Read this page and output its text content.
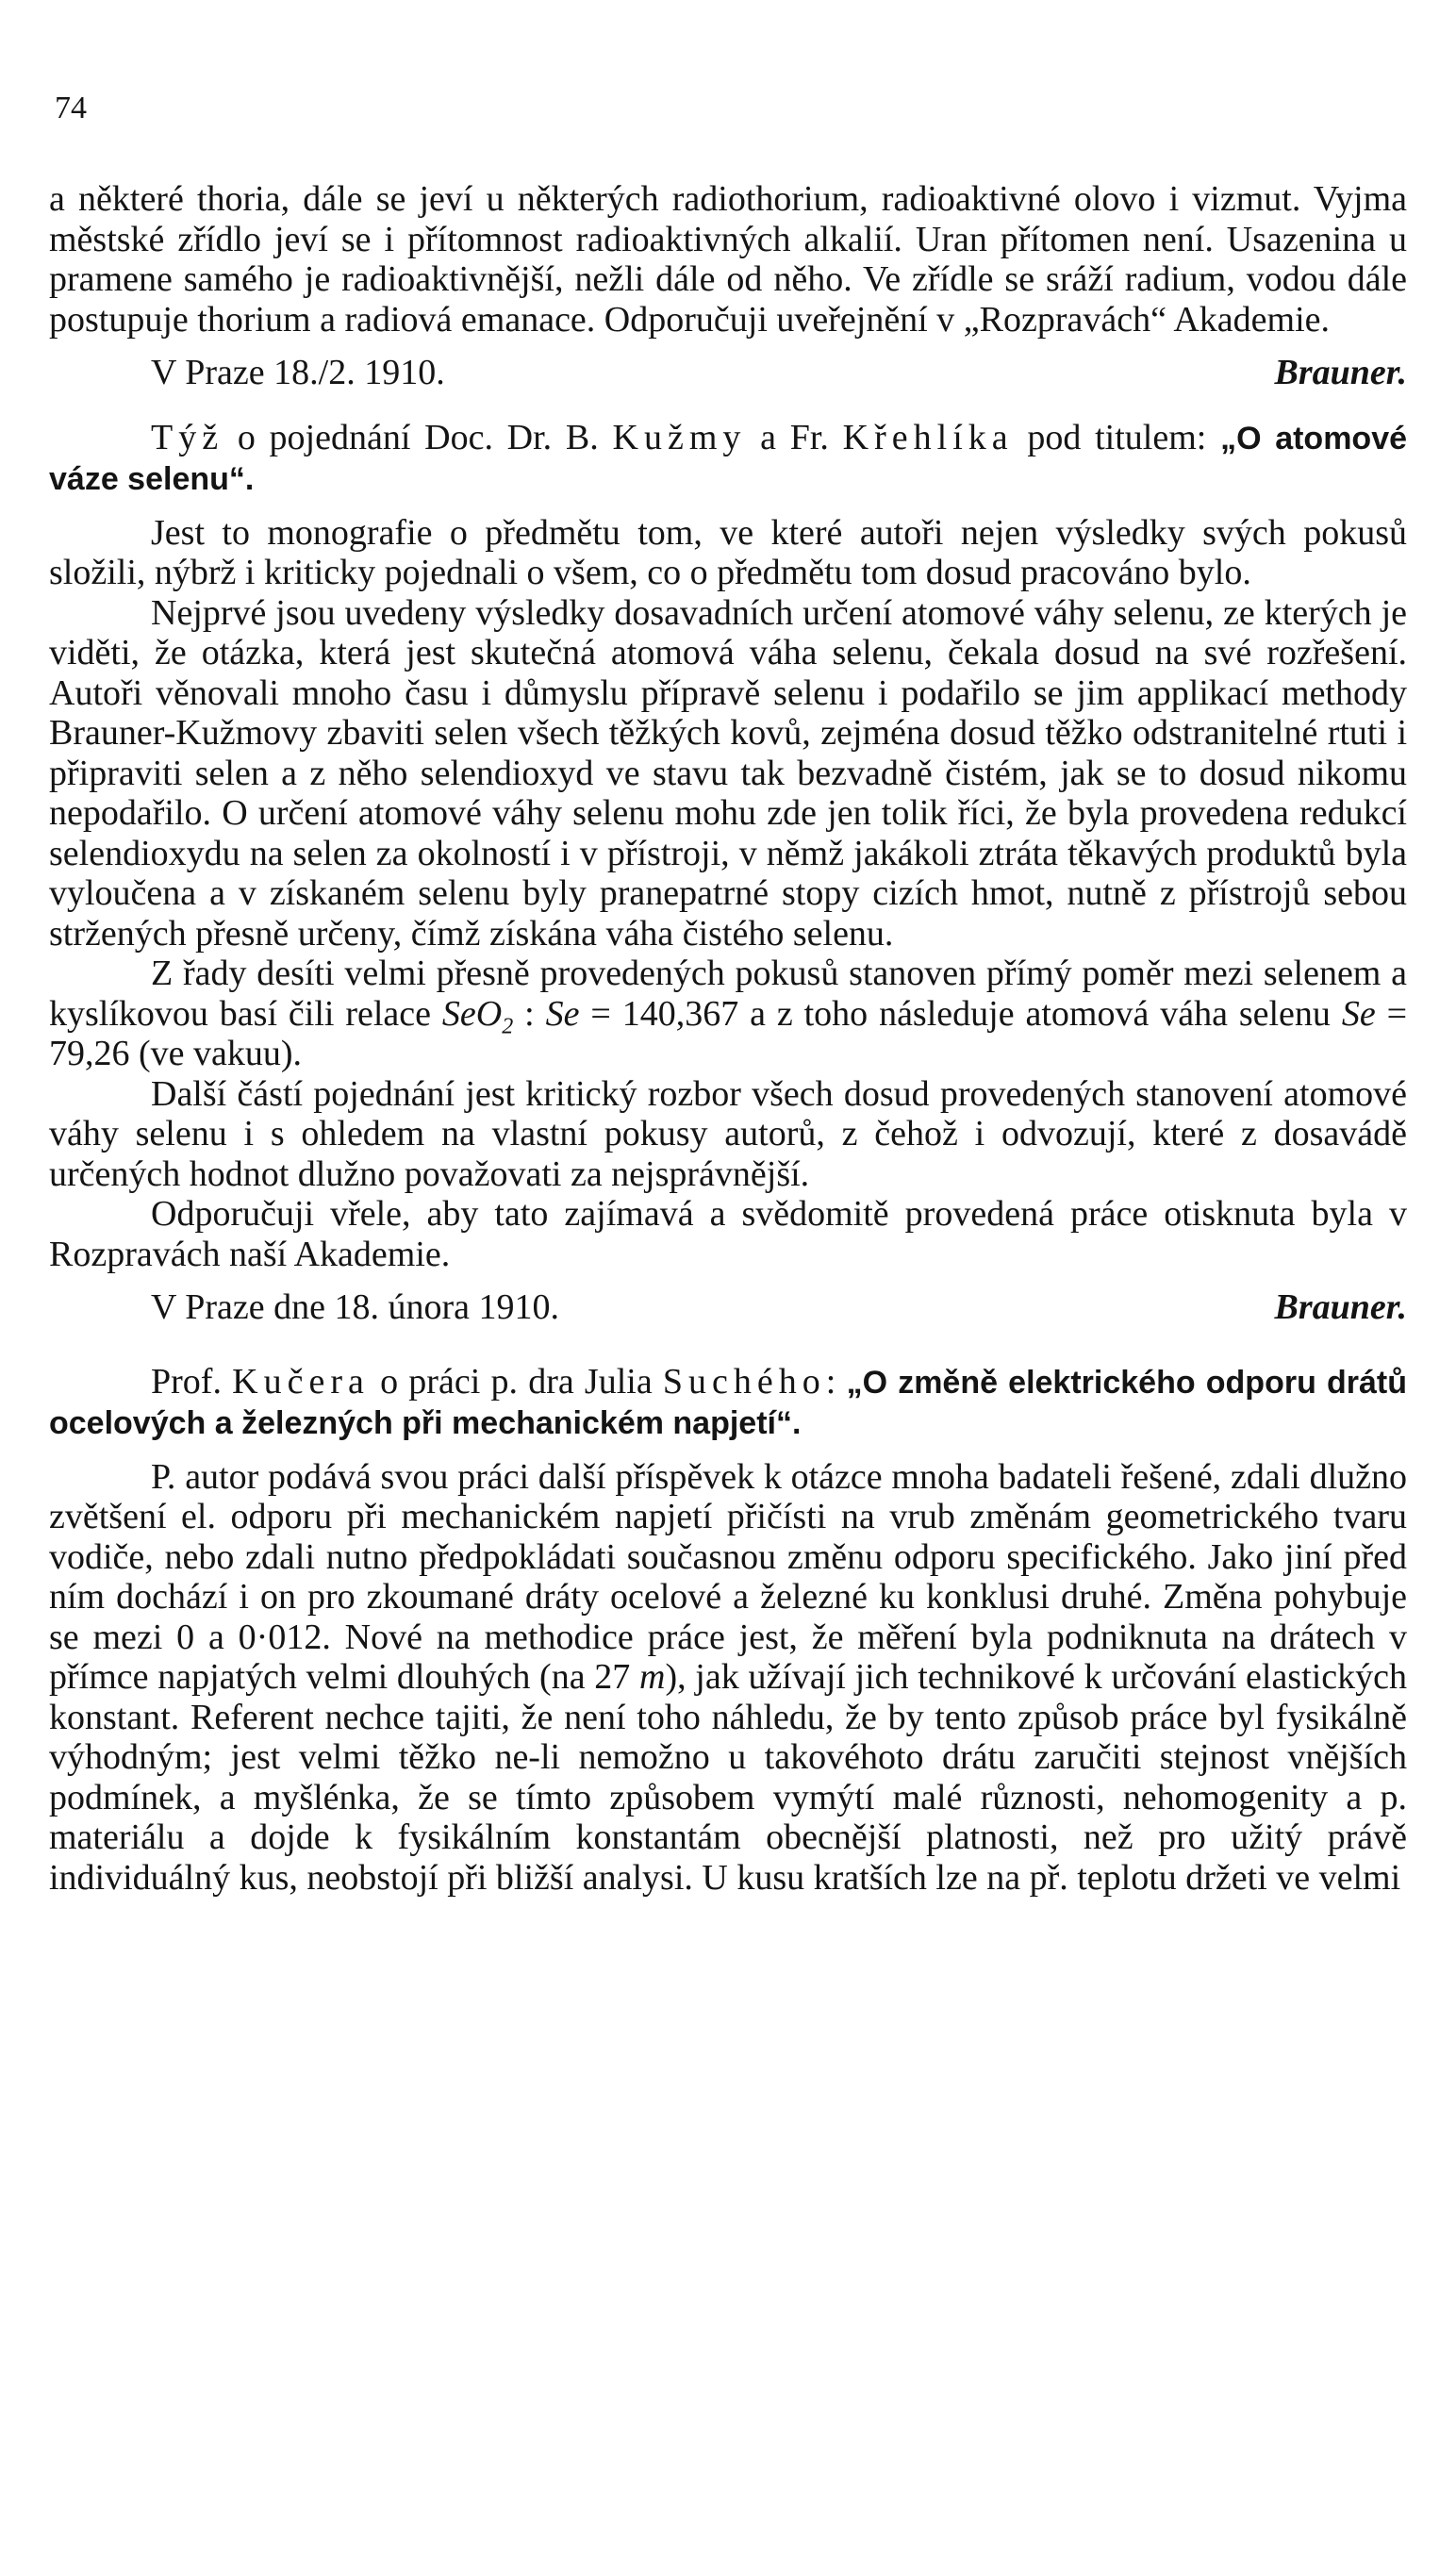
74

a některé thoria, dále se jeví u některých radiothorium, radioaktivné olovo i vizmut. Vyjma městské zřídlo jeví se i přítomnost radioaktivných alkalií. Uran přítomen není. Usazenina u pramene samého je radioaktivnější, nežli dále od něho. Ve zřídle se sráží radium, vodou dále postupuje thorium a radiová emanace. Odporučuji uveřejnění v „Rozpravách“ Akademie.

V Praze 18./2. 1910.	Brauner.

Týž o pojednání Doc. Dr. B. Kužmy a Fr. Křehlíka pod titulem: „O atomové váze selenu“.

Jest to monografie o předmětu tom, ve které autoři nejen výsledky svých pokusů složili, nýbrž i kriticky pojednali o všem, co o předmětu tom dosud pracováno bylo.

Nejprvé jsou uvedeny výsledky dosavadních určení atomové váhy selenu, ze kterých je viděti, že otázka, která jest skutečná atomová váha selenu, čekala dosud na své rozřešení. Autoři věnovali mnoho času i důmyslu přípravě selenu i podařilo se jim applikací methody Brauner-Kužmovy zbaviti selen všech těžkých kovů, zejména dosud těžko odstranitelné rtuti i připraviti selen a z něho selendioxyd ve stavu tak bezvadně čistém, jak se to dosud nikomu nepodařilo. O určení atomové váhy selenu mohu zde jen tolik říci, že byla provedena redukcí selendioxydu na selen za okolností i v přístroji, v němž jakákoli ztráta těkavých produktů byla vyloučena a v získaném selenu byly pranepatrné stopy cizích hmot, nutně z přístrojů sebou stržených přesně určeny, čímž získána váha čistého selenu.

Z řady desíti velmi přesně provedených pokusů stanoven přímý poměr mezi selenem a kyslíkovou basí čili relace SeO$_2$ : Se = 140,367 a z toho následuje atomová váha selenu Se = 79,26 (ve vakuu).

Další částí pojednání jest kritický rozbor všech dosud provedených stanovení atomové váhy selenu i s ohledem na vlastní pokusy autorů, z čehož i odvozují, které z dosavádě určených hodnot dlužno považovati za nejsprávnější.

Odporučuji vřele, aby tato zajímavá a svědomitě provedená práce otisknuta byla v Rozpravách naší Akademie.

V Praze dne 18. února 1910.	Brauner.

Prof. Kučera o práci p. dra Julia Suchého: „O změně elektrického odporu drátů ocelových a železných při mechanickém napjetí“.

P. autor podává svou práci další příspěvek k otázce mnoha badateli řešené, zdali dlužno zvětšení el. odporu při mechanickém napjetí přičísti na vrub změnám geometrického tvaru vodiče, nebo zdali nutno předpokládati současnou změnu odporu specifického. Jako jiní před ním dochází i on pro zkoumané dráty ocelové a železné ku konklusi druhé. Změna pohybuje se mezi 0 a 0·012. Nové na methodice práce jest, že měření byla podniknuta na drátech v přímce napjatých velmi dlouhých (na 27 m), jak užívají jich technikové k určování elastických konstant. Referent nechce tajiti, že není toho náhledu, že by tento způsob práce byl fysikálně výhodným; jest velmi těžko ne-li nemožno u takovéhoto drátu zaručiti stejnost vnějších podmínek, a myšlénka, že se tímto způsobem vymýtí malé různosti, nehomogenity a p. materiálu a dojde k fysikálním konstantám obecnější platnosti, než pro užitý právě individuálný kus, neobstojí při bližší analysi. U kusu kratších lze na př. teplotu držeti ve velmi
